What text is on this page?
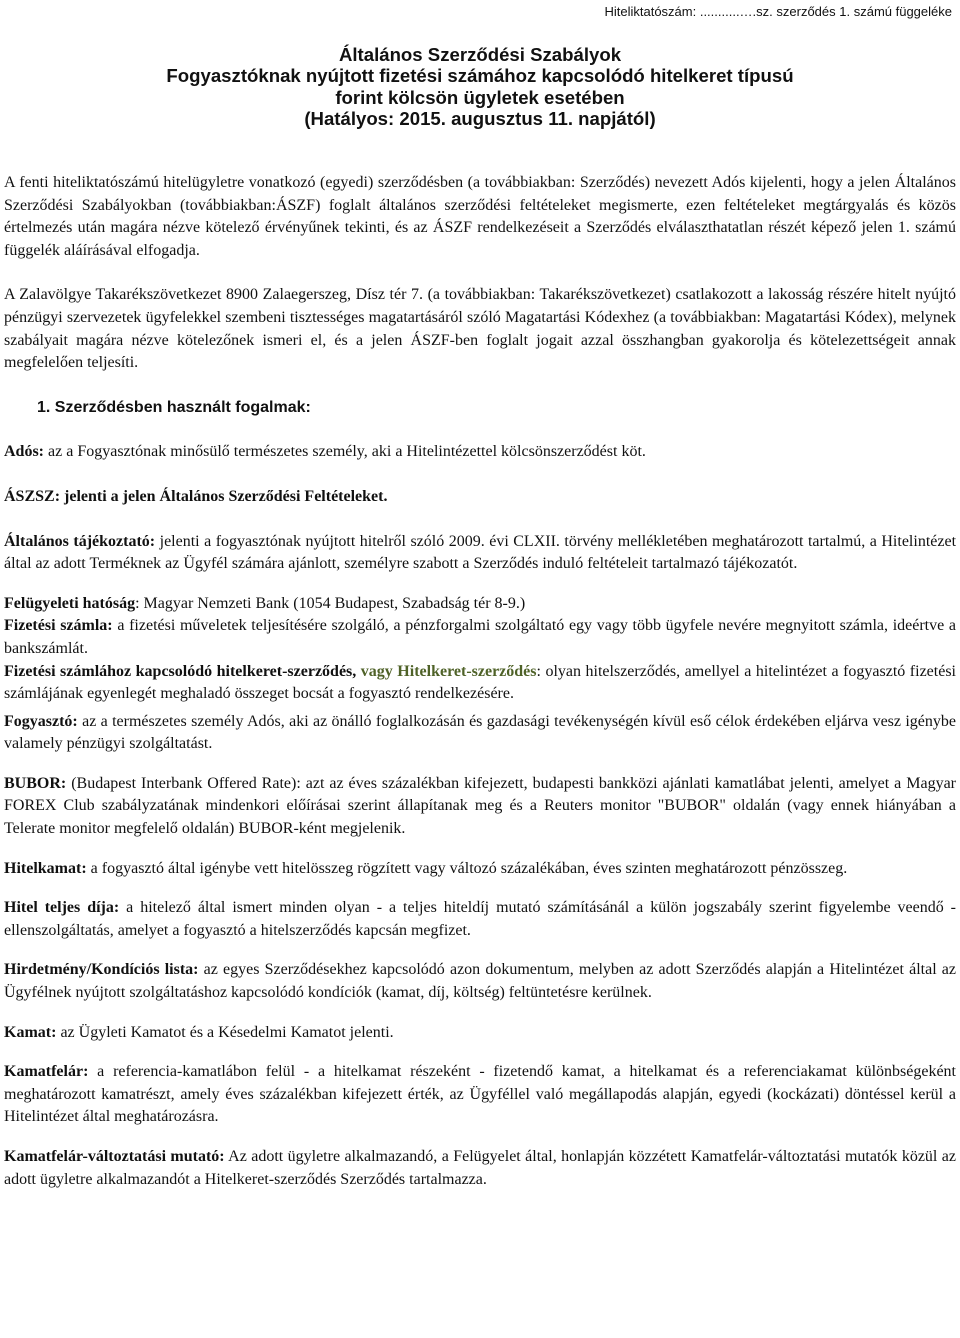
Hiteliktatószám: ...........….sz. szerződés 1. számú függeléke
Általános Szerződési Szabályok
Fogyasztóknak nyújtott fizetési számához kapcsolódó hitelkeret típusú
forint kölcsön ügyletek esetében
(Hatályos: 2015. augusztus 11. napjától)

A fenti hiteliktatószámú hitelügyletre vonatkozó (egyedi) szerződésben (a továbbiakban: Szerződés) nevezett Adós kijelenti, hogy a jelen Általános Szerződési Szabályokban (továbbiakban:ÁSZF) foglalt általános szerződési feltételeket megismerte, ezen feltételeket megtárgyalás és közös értelmezés után magára nézve kötelező érvényűnek tekinti, és az ÁSZF rendelkezéseit a Szerződés elválaszthatatlan részét képező jelen 1. számú függelék aláírásával elfogadja.

A Zalavölgye Takarékszövetkezet 8900 Zalaegerszeg, Dísz tér 7. (a továbbiakban: Takarékszövetkezet) csatlakozott a lakosság részére hitelt nyújtó pénzügyi szervezetek ügyfelekkel szembeni tisztességes magatartásáról szóló Magatartási Kódexhez (a továbbiakban: Magatartási Kódex), melynek szabályait magára nézve kötelezőnek ismeri el, és a jelen ÁSZF-ben foglalt jogait azzal összhangban gyakorolja és kötelezettségeit annak megfelelően teljesíti.

1. Szerződésben használt fogalmak:

Adós: az a Fogyasztónak minősülő természetes személy, aki a Hitelintézettel kölcsönszerződést köt.

ÁSZSZ: jelenti a jelen Általános Szerződési Feltételeket.

Általános tájékoztató: jelenti a fogyasztónak nyújtott hitelről szóló 2009. évi CLXII. törvény mellékletében meghatározott tartalmú, a Hitelintézet által az adott Terméknek az Ügyfél számára ajánlott, személyre szabott a Szerződés induló feltételeit tartalmazó tájékozatót.

Felügyeleti hatóság: Magyar Nemzeti Bank (1054 Budapest, Szabadság tér 8-9.)

Fizetési számla: a fizetési műveletek teljesítésére szolgáló, a pénzforgalmi szolgáltató egy vagy több ügyfele nevére megnyitott számla, ideértve a bankszámlát.

Fizetési számlához kapcsolódó hitelkeret-szerződés, vagy Hitelkeret-szerződés: olyan hitelszerződés, amellyel a hitelintézet a fogyasztó fizetési számlájának egyenlegét meghaladó összeget bocsát a fogyasztó rendelkezésére.

Fogyasztó: az a természetes személy Adós, aki az önálló foglalkozásán és gazdasági tevékenységén kívül eső célok érdekében eljárva vesz igénybe valamely pénzügyi szolgáltatást.

BUBOR: (Budapest Interbank Offered Rate): azt az éves százalékban kifejezett, budapesti bankközi ajánlati kamatlábat jelenti, amelyet a Magyar FOREX Club szabályzatának mindenkori előírásai szerint állapítanak meg és a Reuters monitor "BUBOR" oldalán (vagy ennek hiányában a Telerate monitor megfelelő oldalán) BUBOR-ként megjelenik.

Hitelkamat: a fogyasztó által igénybe vett hitelösszeg rögzített vagy változó százalékában, éves szinten meghatározott pénzösszeg.

Hitel teljes díja: a hitelező által ismert minden olyan - a teljes hiteldíj mutató számításánál a külön jogszabály szerint figyelembe veendő - ellenszolgáltatás, amelyet a fogyasztó a hitelszerződés kapcsán megfizet.

Hirdetmény/Kondíciós lista: az egyes Szerződésekhez kapcsolódó azon dokumentum, melyben az adott Szerződés alapján a Hitelintézet által az Ügyfélnek nyújtott szolgáltatáshoz kapcsolódó kondíciók (kamat, díj, költség) feltüntetésre kerülnek.

Kamat: az Ügyleti Kamatot és a Késedelmi Kamatot jelenti.

Kamatfelár: a referencia-kamatlábon felül - a hitelkamat részeként - fizetendő kamat, a hitelkamat és a referenciakamat különbségeként meghatározott kamatrészt, amely éves százalékban kifejezett érték, az Ügyféllel való megállapodás alapján, egyedi (kockázati) döntéssel kerül a Hitelintézet által meghatározásra.

Kamatfelár-változtatási mutató: Az adott ügyletre alkalmazandó, a Felügyelet által, honlapján közzétett Kamatfelár-változtatási mutatók közül az adott ügyletre alkalmazandót a Hitelkeret-szerződés Szerződés tartalmazza.
